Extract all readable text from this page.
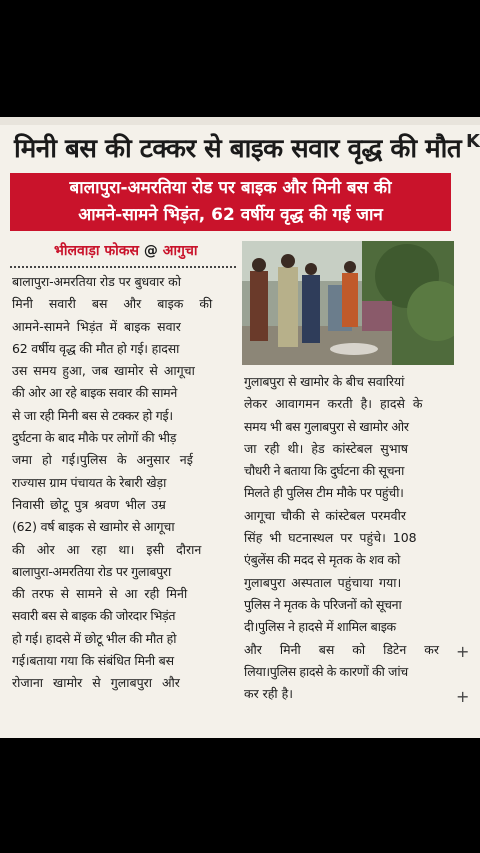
मिनी बस की टक्कर से बाइक सवार वृद्ध की मौत K
बालापुरा-अमरतिया रोड पर बाइक और मिनी बस की
आमने-सामने भिड़ंत, 62 वर्षीय वृद्ध की गई जान
भीलवाड़ा फोकस @ आगुचा
बालापुरा-अमरतिया रोड पर बुधवार को
मिनी सवारी बस और बाइक की
आमने-सामने भिड़ंत में बाइक सवार
62 वर्षीय वृद्ध की मौत हो गई। हादसा
उस समय हुआ, जब खामोर से आगूचा
की ओर आ रहे बाइक सवार की सामने
से जा रही मिनी बस से टक्कर हो गई।
दुर्घटना के बाद मौके पर लोगों की भीड़
जमा हो गई।पुलिस के अनुसार नई
राज्यास ग्राम पंचायत के रेबारी खेड़ा
निवासी छोटू पुत्र श्रवण भील उम्र
(62) वर्ष बाइक से खामोर से आगूचा
की ओर आ रहा था। इसी दौरान
बालापुरा-अमरतिया रोड पर गुलाबपुरा
की तरफ से सामने से आ रही मिनी
सवारी बस से बाइक की जोरदार भिड़ंत
हो गई। हादसे में छोटू भील की मौत हो
गई।बताया गया कि संबंधित मिनी बस
रोजाना खामोर से गुलाबपुरा और
गुलाबपुरा से खामोर के बीच सवारियां
लेकर आवागमन करती है। हादसे के
समय भी बस गुलाबपुरा से खामोर ओर
जा रही थी। हेड कांस्टेबल सुभाष
चौधरी ने बताया कि दुर्घटना की सूचना
मिलते ही पुलिस टीम मौके पर पहुंची।
आगूचा चौकी से कांस्टेबल परमवीर
सिंह भी घटनास्थल पर पहुंचे। 108
एंबुलेंस की मदद से मृतक के शव को
गुलाबपुरा अस्पताल पहुंचाया गया।
पुलिस ने मृतक के परिजनों को सूचना
दी।पुलिस ने हादसे में शामिल बाइक
और मिनी बस को डिटेन कर
लिया।पुलिस हादसे के कारणों की जांच
कर रही है।
+
+
